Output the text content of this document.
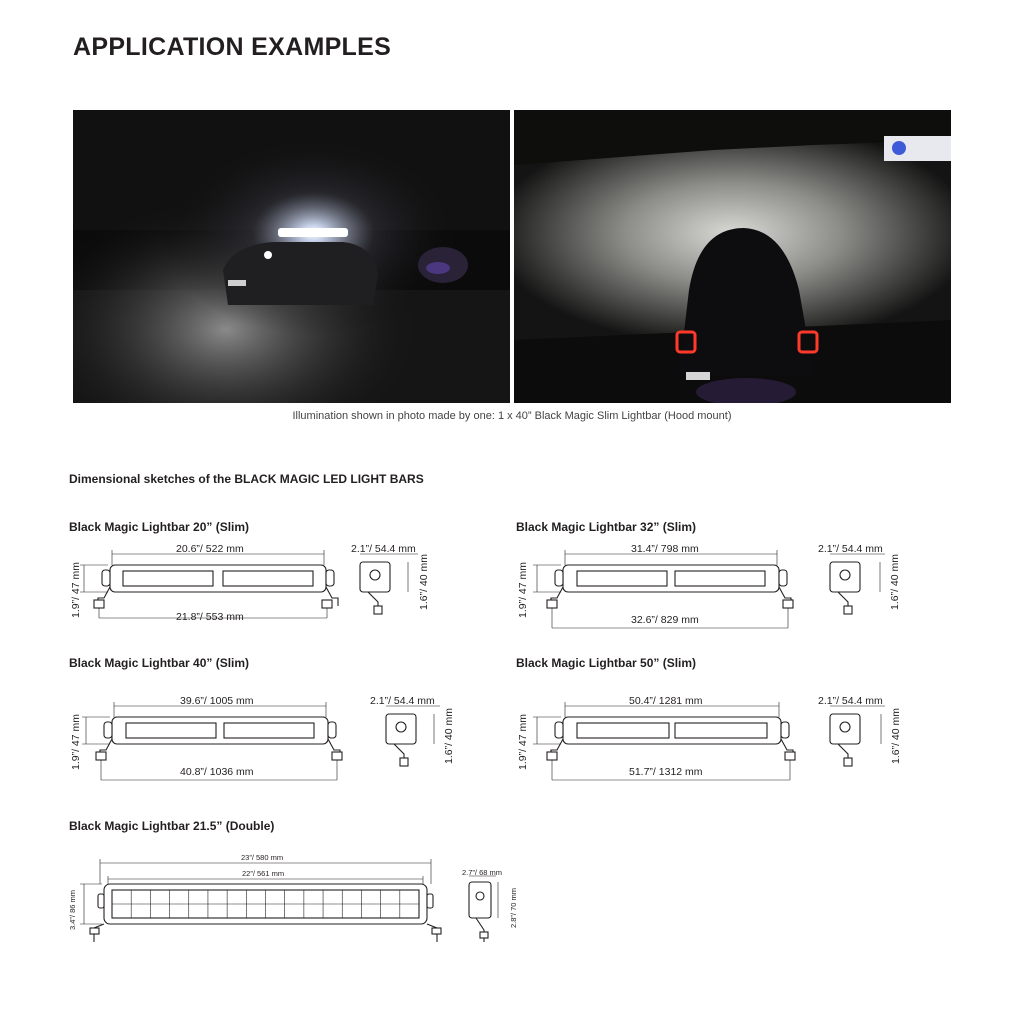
APPLICATION EXAMPLES
Illumination shown in photo made by one: 1 x 40” Black Magic Slim Lightbar (Hood mount)
Dimensional sketches of the BLACK MAGIC LED LIGHT BARS
Black Magic Lightbar 20” (Slim)
20.6”/ 522 mm
21.8”/ 553 mm
1.9”/ 47 mm
2.1”/ 54.4 mm
1.6”/ 40 mm
Black Magic Lightbar 32” (Slim)
31.4”/ 798 mm
32.6”/ 829 mm
1.9”/ 47 mm
2.1”/ 54.4 mm
1.6”/ 40 mm
Black Magic Lightbar 40” (Slim)
39.6”/ 1005 mm
40.8”/ 1036 mm
1.9”/ 47 mm
2.1”/ 54.4 mm
1.6”/ 40 mm
Black Magic Lightbar 50” (Slim)
50.4”/ 1281 mm
51.7”/ 1312 mm
1.9”/ 47 mm
2.1”/ 54.4 mm
1.6”/ 40 mm
Black Magic Lightbar 21.5” (Double)
23”/ 580 mm
22”/ 561 mm
3.4”/ 86 mm
2.7”/ 68 mm
2.8”/ 70 mm
